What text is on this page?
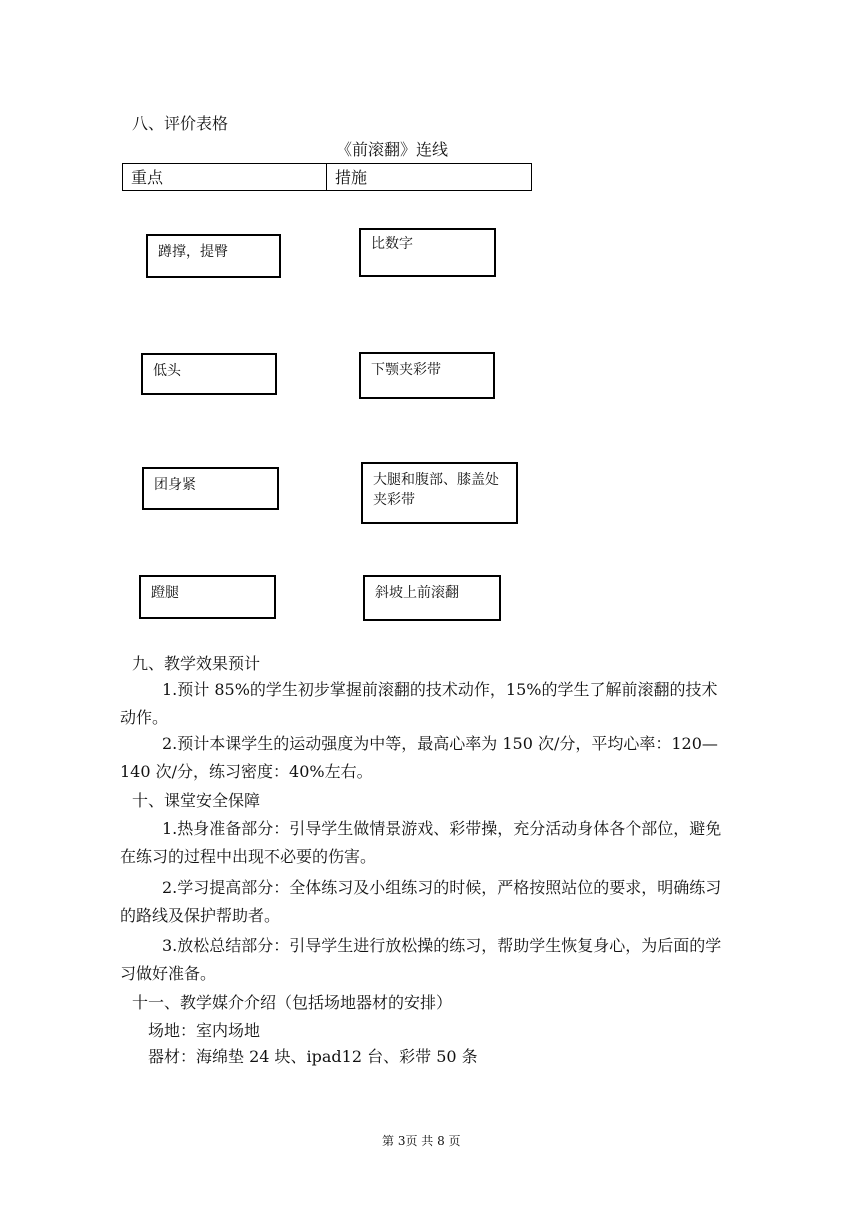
八、评价表格
《前滚翻》连线
重点	措施
蹲撑，提臀
低头
团身紧
蹬腿
比数字
下颚夹彩带
大腿和腹部、膝盖处夹彩带
斜坡上前滚翻
九、教学效果预计
1.预计 85%的学生初步掌握前滚翻的技术动作，15%的学生了解前滚翻的技术动作。
2.预计本课学生的运动强度为中等，最高心率为 150 次/分，平均心率：120—140 次/分，练习密度：40%左右。
十、课堂安全保障
1.热身准备部分：引导学生做情景游戏、彩带操，充分活动身体各个部位，避免在练习的过程中出现不必要的伤害。
2.学习提高部分：全体练习及小组练习的时候，严格按照站位的要求，明确练习的路线及保护帮助者。
3.放松总结部分：引导学生进行放松操的练习，帮助学生恢复身心，为后面的学习做好准备。
十一、教学媒介介绍（包括场地器材的安排）
场地：室内场地
器材：海绵垫 24 块、ipad12 台、彩带 50 条
第 3页 共 8 页
